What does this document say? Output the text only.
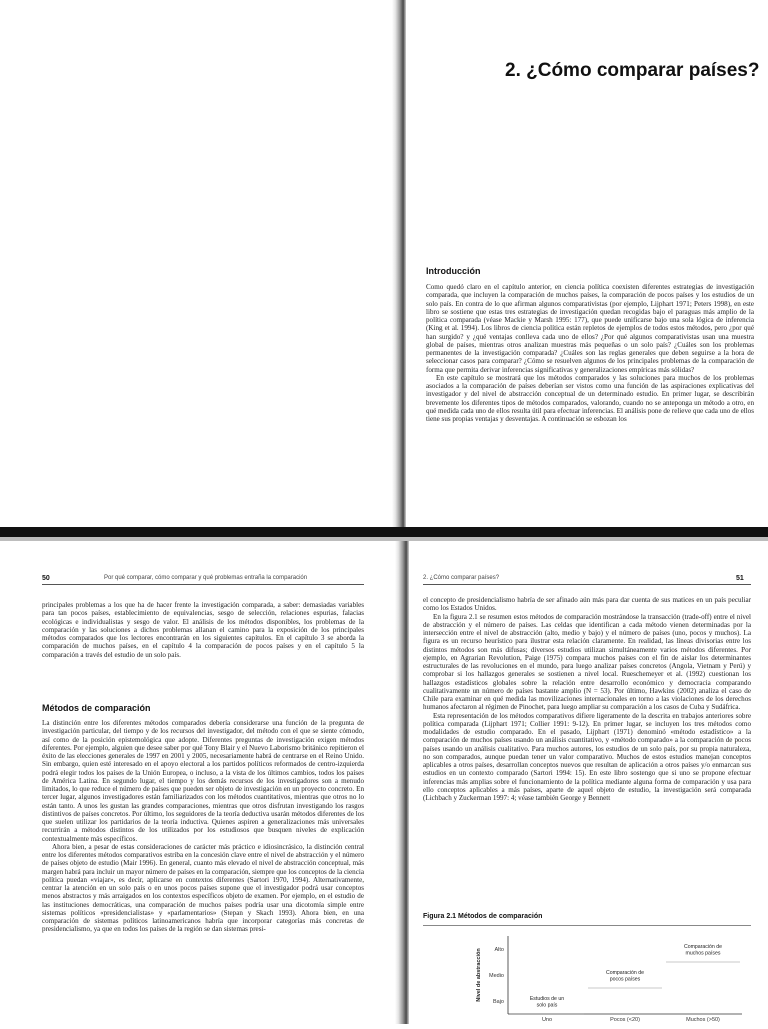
2. ¿Cómo comparar países?
Introducción

Como quedó claro en el capítulo anterior, en ciencia política coexisten diferentes estrategias de investigación comparada, que incluyen la comparación de muchos países, la comparación de pocos países y los estudios de un solo país. En contra de lo que afirman algunos comparativistas (por ejemplo, Lijphart 1971; Peters 1998), en este libro se sostiene que estas tres estrategias de investigación quedan recogidas bajo el paraguas más amplio de la política comparada (véase Mackie y Marsh 1995: 177), que puede unificarse bajo una sola lógica de inferencia (King et al. 1994). Los libros de ciencia política están repletos de ejemplos de todos estos métodos, pero ¿por qué han surgido? y ¿qué ventajas conlleva cada uno de ellos? ¿Por qué algunos comparativistas usan una muestra global de países, mientras otros analizan muestras más pequeñas o un solo país? ¿Cuáles son los problemas permanentes de la investigación comparada? ¿Cuáles son las reglas generales que deben seguirse a la hora de seleccionar casos para comparar? ¿Cómo se resuelven algunos de los principales problemas de la comparación de forma que permita derivar inferencias significativas y generalizaciones empíricas más sólidas?

En este capítulo se mostrará que los métodos comparados y las soluciones para muchos de los problemas asociados a la comparación de países deberían ser vistos como una función de las aspiraciones explicativas del investigador y del nivel de abstracción conceptual de un determinado estudio. En primer lugar, se describirán brevemente los diferentes tipos de métodos comparados, valorando, cuando no se anteponga un método a otro, en qué medida cada uno de ellos resulta útil para efectuar inferencias. El análisis pone de relieve que cada uno de ellos tiene sus propias ventajas y desventajas. A continuación se esbozan los

50	Por qué comparar, cómo comparar y qué problemas entraña la comparación

principales problemas a los que ha de hacer frente la investigación comparada, a saber: demasiadas variables para tan pocos países, establecimiento de equivalencias, sesgo de selección, relaciones espurias, falacias ecológicas e individualistas y sesgo de valor. El análisis de los métodos disponibles, los problemas de la comparación y las soluciones a dichos problemas allanan el camino para la exposición de los principales métodos comparados que los lectores encontrarán en los siguientes capítulos. En el capítulo 3 se aborda la comparación de muchos países, en el capítulo 4 la comparación de pocos países y en el capítulo 5 la comparación a través del estudio de un solo país.

Métodos de comparación

La distinción entre los diferentes métodos comparados debería considerarse una función de la pregunta de investigación particular, del tiempo y de los recursos del investigador, del método con el que se siente cómodo, así como de la posición epistemológica que adopte. Diferentes preguntas de investigación exigen métodos diferentes. Por ejemplo, alguien que desee saber por qué Tony Blair y el Nuevo Laborismo británico repitieron el éxito de las elecciones generales de 1997 en 2001 y 2005, necesariamente habrá de centrarse en el Reino Unido. Sin embargo, quien esté interesado en el apoyo electoral a los partidos políticos reformados de centro-izquierda podrá elegir todos los países de la Unión Europea, o incluso, a la vista de los últimos cambios, todos los países de América Latina. En segundo lugar, el tiempo y los demás recursos de los investigadores son a menudo limitados, lo que reduce el número de países que pueden ser objeto de investigación en un proyecto concreto. En tercer lugar, algunos investigadores están familiarizados con los métodos cuantitativos, mientras que otros no lo están tanto. A unos les gustan las grandes comparaciones, mientras que otros disfrutan investigando los rasgos distintivos de países concretos. Por último, los seguidores de la teoría deductiva usarán métodos diferentes de los que suelen utilizar los partidarios de la teoría inductiva. Quienes aspiren a generalizaciones más universales recurrirán a métodos distintos de los utilizados por los estudiosos que busquen niveles de explicación contextualmente más específicos.

Ahora bien, a pesar de estas consideraciones de carácter más práctico e idiosincrásico, la distinción central entre los diferentes métodos comparativos estriba en la concesión clave entre el nivel de abstracción y el número de países objeto de estudio (Mair 1996). En general, cuanto más elevado el nivel de abstracción conceptual, más margen habrá para incluir un mayor número de países en la comparación, siempre que los conceptos de la ciencia política puedan «viajar», es decir, aplicarse en contextos diferentes (Sartori 1970, 1994). Alternativamente, centrar la atención en un solo país o en unos pocos países supone que el investigador podrá usar conceptos menos abstractos y más arraigados en los contextos específicos objeto de examen. Por ejemplo, en el estudio de las instituciones democráticas, una comparación de muchos países podría usar una dicotomía simple entre sistemas políticos «presidencialistas» y «parlamentarios» (Stepan y Skach 1993). Ahora bien, en una comparación de sistemas políticos latinoamericanos habría que incorporar categorías más concretas de presidencialismo, ya que en todos los países de la región se dan sistemas presi-

2. ¿Cómo comparar países?	51

el concepto de presidencialismo habría de ser afinado aún más para dar cuenta de sus matices en un país peculiar como los Estados Unidos.

En la figura 2.1 se resumen estos métodos de comparación mostrándose la transacción (trade-off) entre el nivel de abstracción y el número de países. Las celdas que identifican a cada método vienen determinadas por la intersección entre el nivel de abstracción (alto, medio y bajo) y el número de países (uno, pocos y muchos). La figura es un recurso heurístico para ilustrar esta relación claramente. En realidad, las líneas divisorias entre los distintos métodos son más difusas; diversos estudios utilizan simultáneamente varios métodos diferentes. Por ejemplo, en Agrarian Revolution, Paige (1975) compara muchos países con el fin de aislar los determinantes estructurales de las revoluciones en el mundo, para luego analizar países concretos (Angola, Vietnam y Perú) y comprobar si los hallazgos generales se sostienen a nivel local. Rueschemeyer et al. (1992) cuestionan los hallazgos estadísticos globales sobre la relación entre desarrollo económico y democracia comparando cualitativamente un número de países bastante amplio (N = 53). Por último, Hawkins (2002) analiza el caso de Chile para examinar en qué medida las movilizaciones internacionales en torno a las violaciones de los derechos humanos afectaron al régimen de Pinochet, para luego ampliar su comparación a los casos de Cuba y Sudáfrica.

Esta representación de los métodos comparativos difiere ligeramente de la descrita en trabajos anteriores sobre política comparada (Lijphart 1971; Collier 1991: 9-12). En primer lugar, se incluyen los tres métodos como modalidades de estudio comparado. En el pasado, Lijphart (1971) denominó «método estadístico» a la comparación de muchos países usando un análisis cuantitativo, y «método comparado» a la comparación de pocos países usando un análisis cualitativo. Para muchos autores, los estudios de un solo país, por su propia naturaleza, no son comparados, aunque puedan tener un valor comparativo. Muchos de estos estudios manejan conceptos aplicables a otros países, desarrollan conceptos nuevos que resultan de aplicación a otros países y/o enmarcan sus estudios en un contexto comparado (Sartori 1994: 15). En este libro sostengo que si uno se propone efectuar inferencias más amplias sobre el funcionamiento de la política mediante alguna forma de comparación y usa para ello conceptos aplicables a más países, aparte de aquel objeto de estudio, la investigación será comparada (Lichbach y Zuckerman 1997: 4; véase también George y Bennett

Figura 2.1 Métodos de comparación
Nivel de abstracción Alto
Medio
Bajo
Uno	Pocos (<20)	Muchos (>50)
Comparación de
muchos países
Comparación de
pocos países
Estudios de un
solo país
